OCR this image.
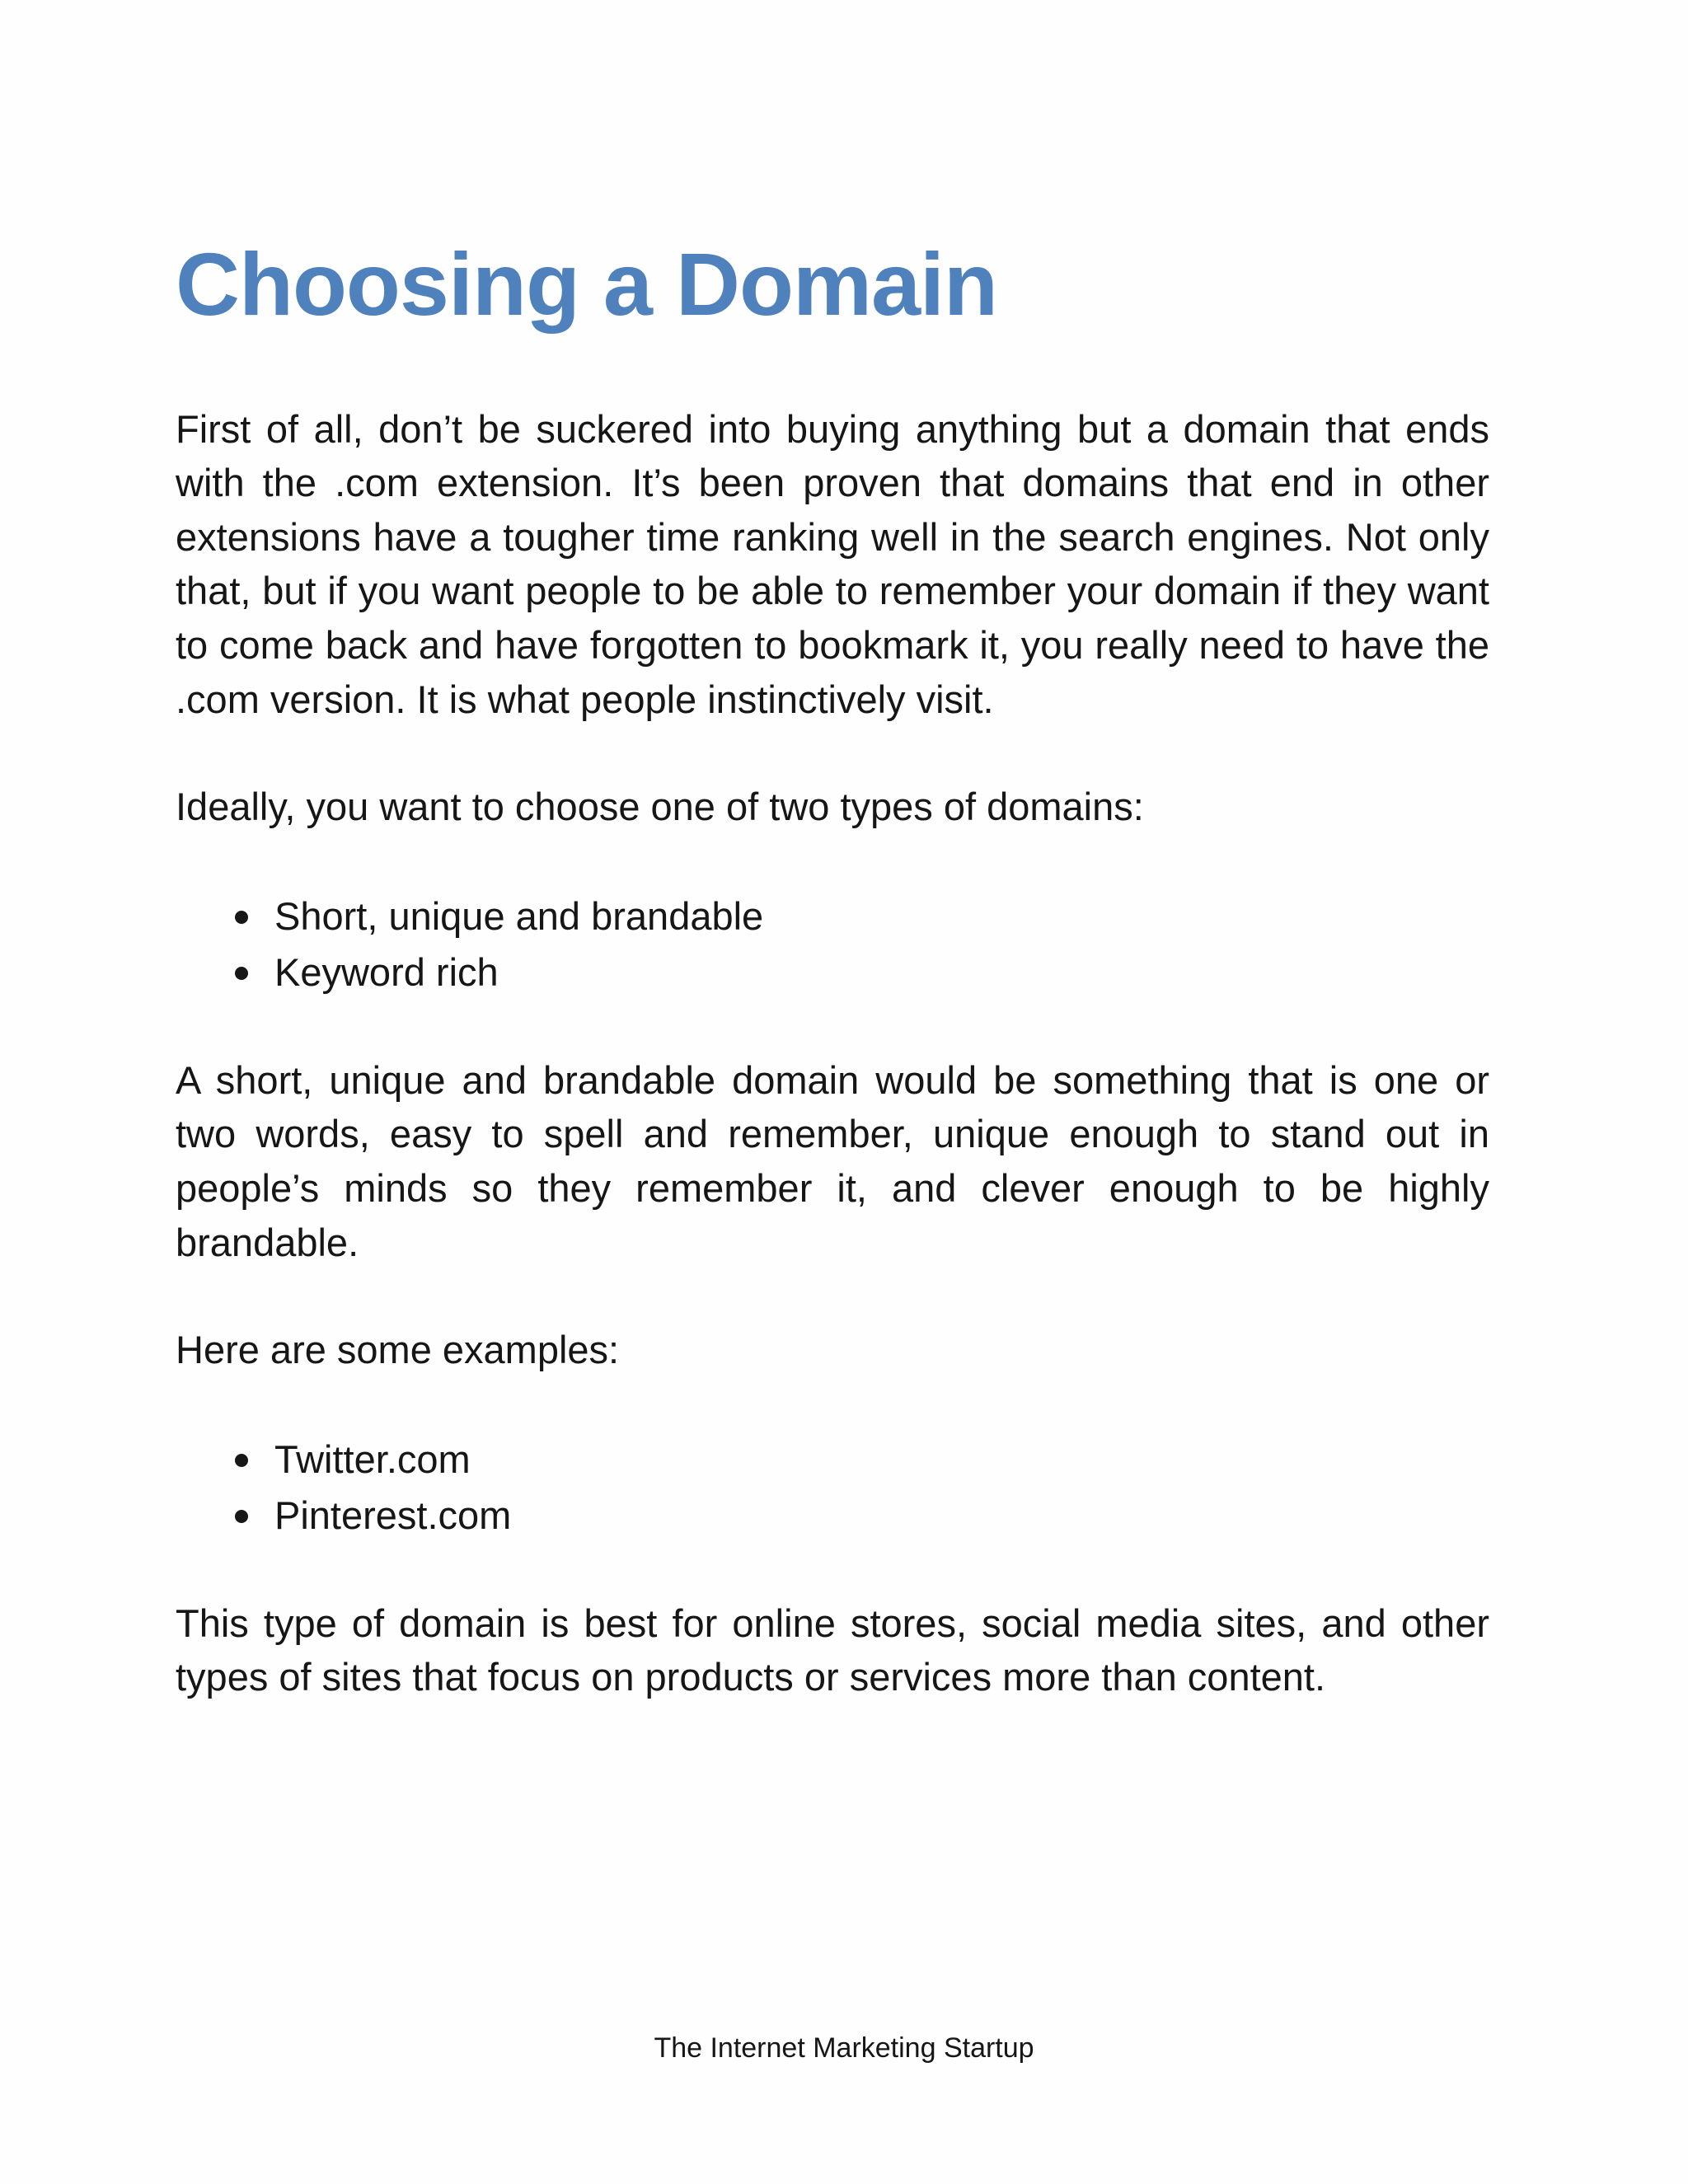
Choosing a Domain

First of all, don’t be suckered into buying anything but a domain that ends with the .com extension. It’s been proven that domains that end in other extensions have a tougher time ranking well in the search engines. Not only that, but if you want people to be able to remember your domain if they want to come back and have forgotten to bookmark it, you really need to have the .com version. It is what people instinctively visit.

Ideally, you want to choose one of two types of domains:

Short, unique and brandable
Keyword rich

A short, unique and brandable domain would be something that is one or two words, easy to spell and remember, unique enough to stand out in people’s minds so they remember it, and clever enough to be highly brandable.

Here are some examples:

Twitter.com
Pinterest.com

This type of domain is best for online stores, social media sites, and other types of sites that focus on products or services more than content.

The Internet Marketing Startup
